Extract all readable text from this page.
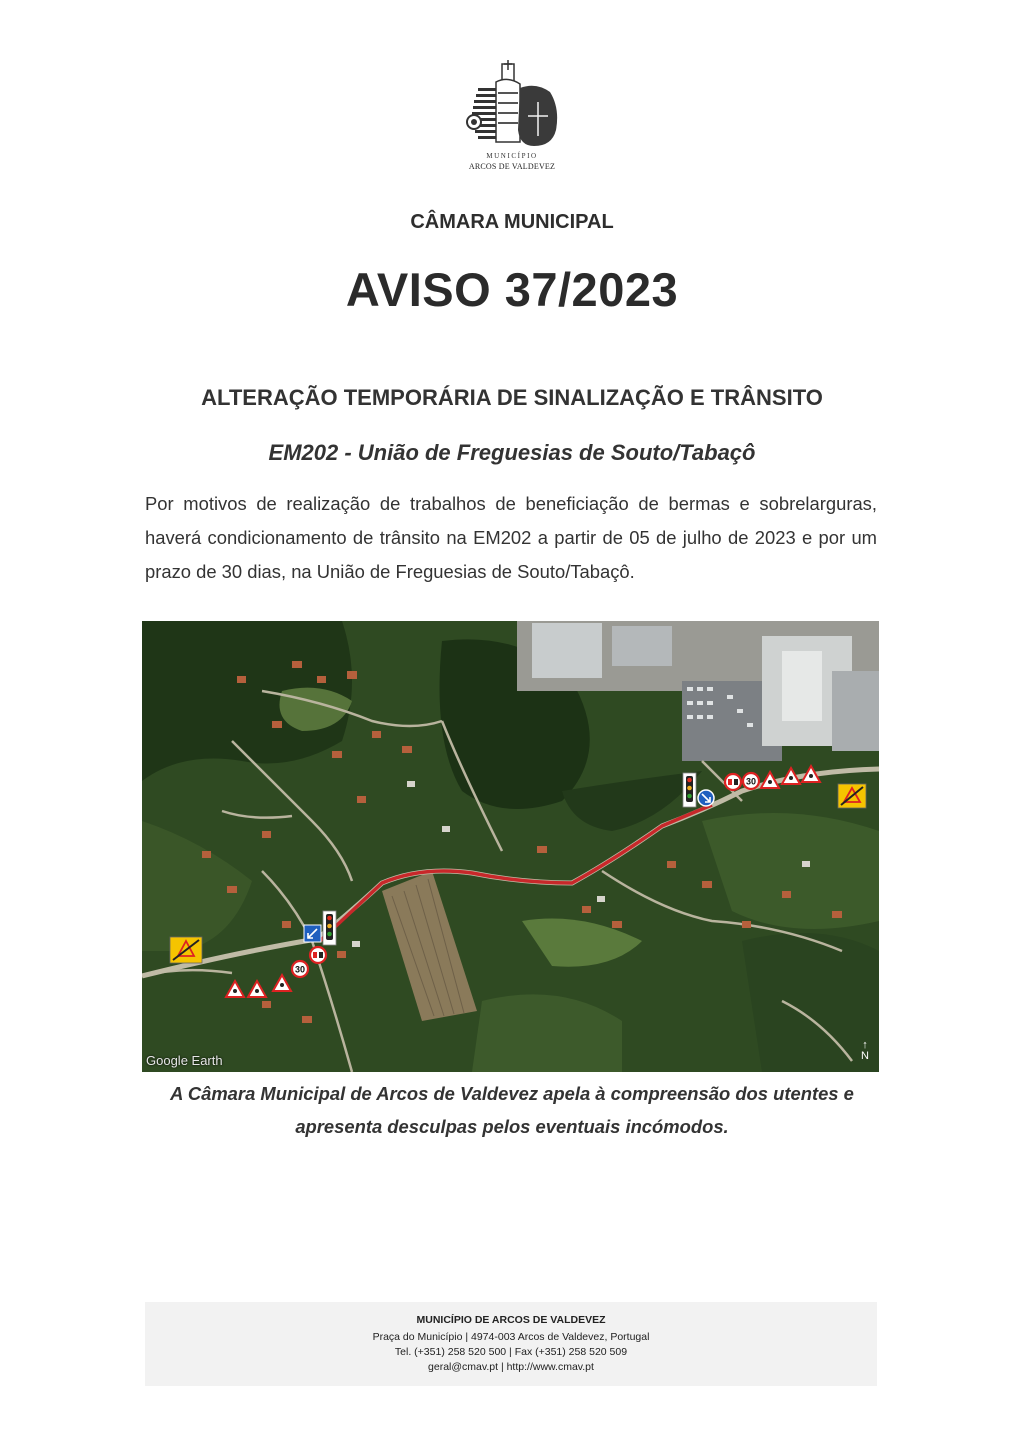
MUNICÍPIO
ARCOS DE VALDEVEZ
CÂMARA MUNICIPAL
AVISO 37/2023
ALTERAÇÃO TEMPORÁRIA DE SINALIZAÇÃO E TRÂNSITO
EM202 - União de Freguesias de Souto/Tabaçô
Por motivos de realização de trabalhos de beneficiação de bermas e sobrelarguras, haverá condicionamento de trânsito na EM202 a partir de 05 de julho de 2023 e por um prazo de 30 dias, na União de Freguesias de Souto/Tabaçô.
30
30
Google Earth
↑
N
A Câmara Municipal de Arcos de Valdevez apela à compreensão dos utentes e
apresenta desculpas pelos eventuais incómodos.
MUNICÍPIO DE ARCOS DE VALDEVEZ
Praça do Município | 4974-003 Arcos de Valdevez, Portugal
Tel. (+351) 258 520 500 | Fax (+351) 258 520 509
geral@cmav.pt | http://www.cmav.pt
